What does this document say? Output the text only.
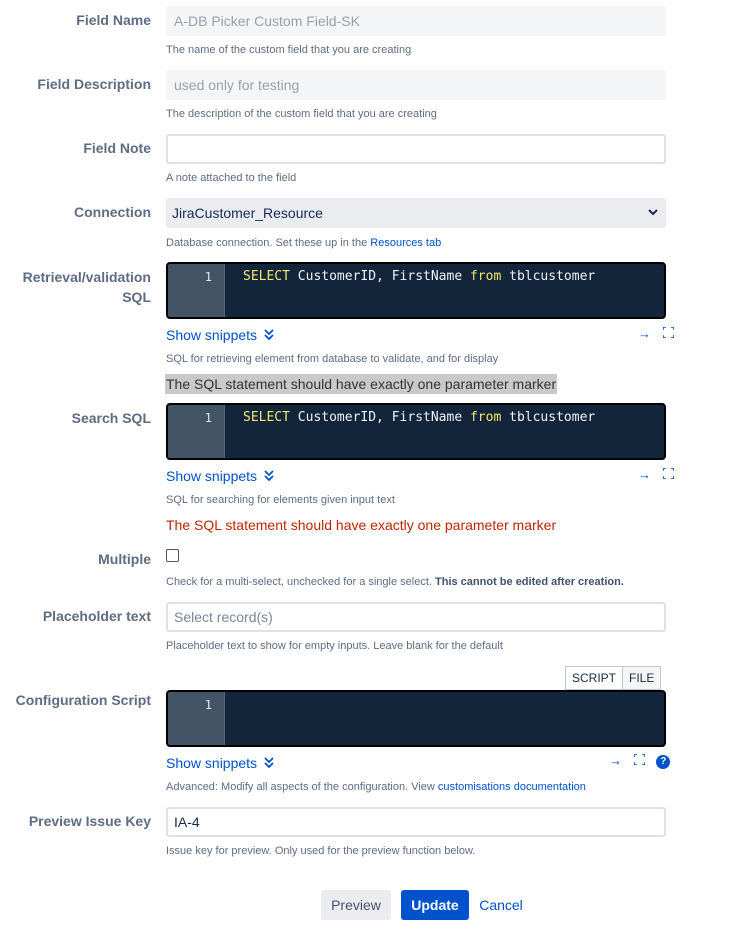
Field Name	A-DB Picker Custom Field-SK
The name of the custom field that you are creating
Field Description	used only for testing
The description of the custom field that you are creating
Field Note
A note attached to the field
Connection	JiraCustomer_Resource
Database connection. Set these up in the Resources tab
Retrieval/validation
SQL
1 SELECT CustomerID, FirstName from tblcustomer
Show snippets	→
SQL for retrieving element from database to validate, and for display
The SQL statement should have exactly one parameter marker
Search SQL	1 SELECT CustomerID, FirstName from tblcustomer
Show snippets	→
SQL for searching for elements given input text
The SQL statement should have exactly one parameter marker
Multiple
Check for a multi-select, unchecked for a single select. This cannot be edited after creation.
Placeholder text	Select record(s)
Placeholder text to show for empty inputs. Leave blank for the default
SCRIPT	FILE
Configuration Script	1
Show snippets	→	?
Advanced: Modify all aspects of the configuration. View customisations documentation
Preview Issue Key	IA-4
Issue key for preview. Only used for the preview function below.
Preview	Update	Cancel
